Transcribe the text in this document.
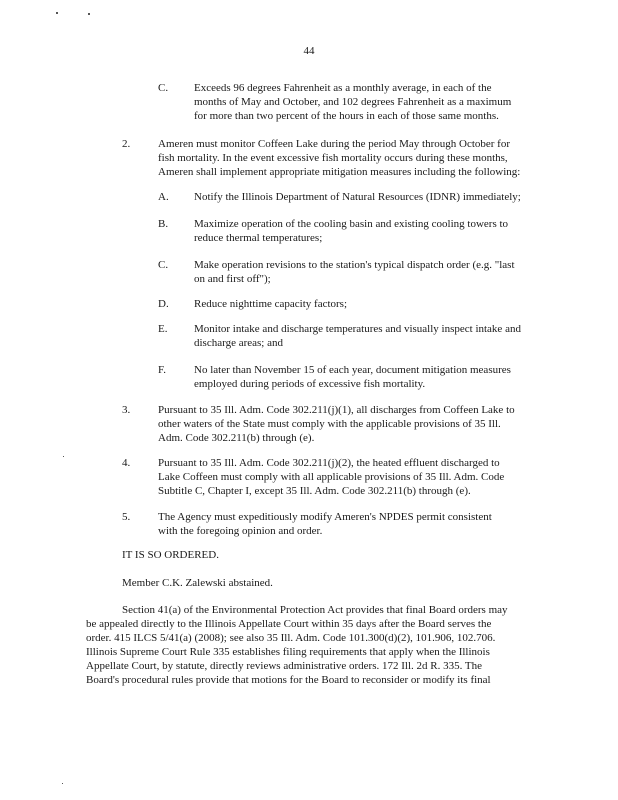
44
C. Exceeds 96 degrees Fahrenheit as a monthly average, in each of the
months of May and October, and 102 degrees Fahrenheit as a maximum
for more than two percent of the hours in each of those same months.
2.	Ameren must monitor Coffeen Lake during the period May through October for
fish mortality. In the event excessive fish mortality occurs during these months,
Ameren shall implement appropriate mitigation measures including the following:
A. Notify the Illinois Department of Natural Resources (IDNR) immediately;
B. Maximize operation of the cooling basin and existing cooling towers to
reduce thermal temperatures;
C. Make operation revisions to the station's typical dispatch order (e.g. "last
on and first off");
D. Reduce nighttime capacity factors;
E. Monitor intake and discharge temperatures and visually inspect intake and
discharge areas; and
F.	No later than November 15 of each year, document mitigation measures
employed during periods of excessive fish mortality.
3.	Pursuant to 35 Ill. Adm. Code 302.211(j)(1), all discharges from Coffeen Lake to
other waters of the State must comply with the applicable provisions of 35 Ill.
Adm. Code 302.211(b) through (e).
4.	Pursuant to 35 Ill. Adm. Code 302.211(j)(2), the heated effluent discharged to
Lake Coffeen must comply with all applicable provisions of 35 Ill. Adm. Code
Subtitle C, Chapter I, except 35 Ill. Adm. Code 302.211(b) through (e).
5.	The Agency must expeditiously modify Ameren's NPDES permit consistent
with the foregoing opinion and order.
IT IS SO ORDERED.
Member C.K. Zalewski abstained.
Section 41(a) of the Environmental Protection Act provides that final Board orders may
be appealed directly to the Illinois Appellate Court within 35 days after the Board serves the
order. 415 ILCS 5/41(a) (2008); see also 35 Ill. Adm. Code 101.300(d)(2), 101.906, 102.706.
Illinois Supreme Court Rule 335 establishes filing requirements that apply when the Illinois
Appellate Court, by statute, directly reviews administrative orders. 172 Ill. 2d R. 335. The
Board's procedural rules provide that motions for the Board to reconsider or modify its final
